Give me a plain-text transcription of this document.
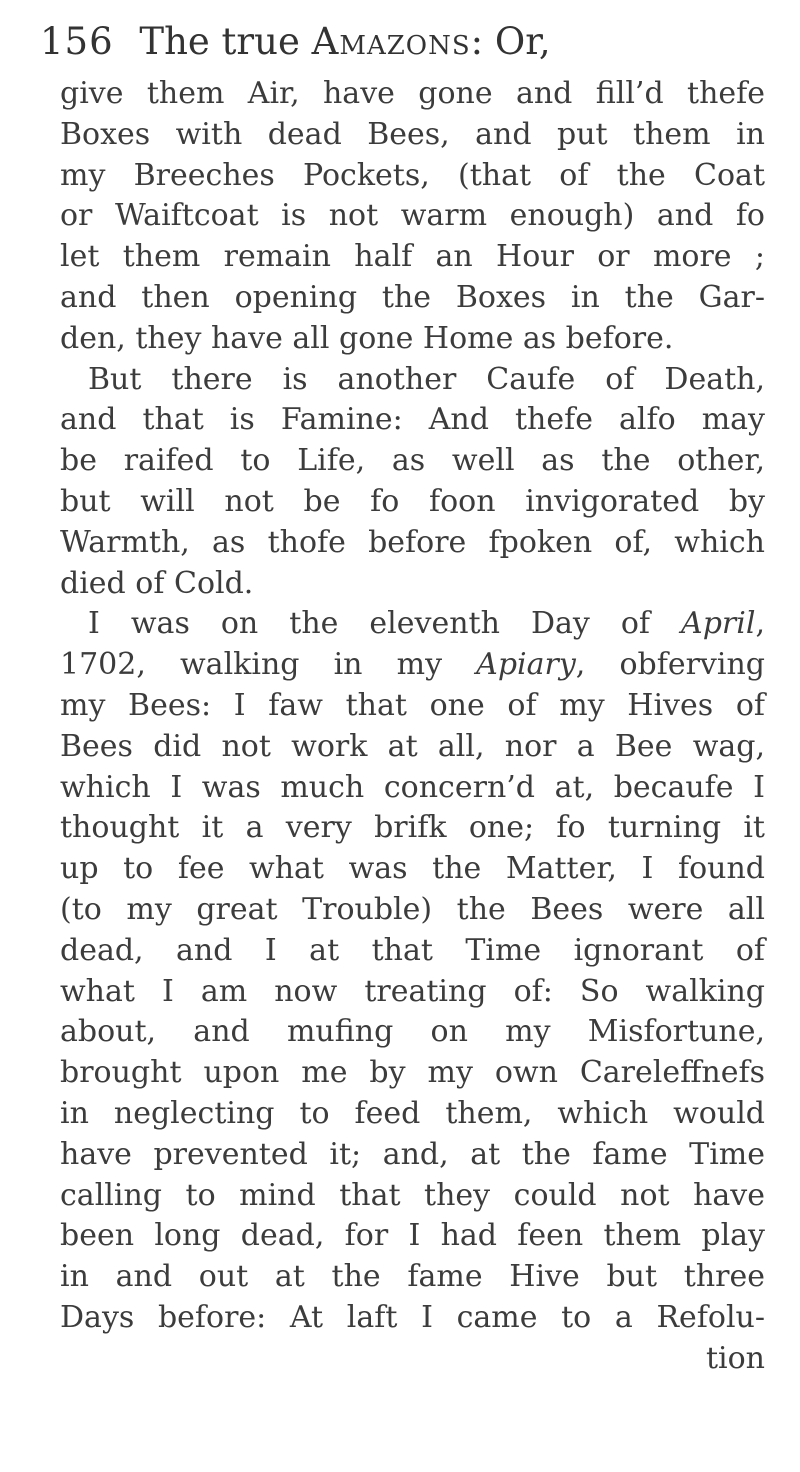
156 The true Amazons: Or,
give them Air, have gone and fill’d thefe
Boxes with dead Bees, and put them in
my Breeches Pockets, (that of the Coat
or Waiftcoat is not warm enough) and fo
let them remain half an Hour or more ;
and then opening the Boxes in the Gar-
den, they have all gone Home as before.
But there is another Caufe of Death,
and that is Famine: And thefe alfo may
be raifed to Life, as well as the other,
but will not be fo foon invigorated by
Warmth, as thofe before fpoken of, which
died of Cold.
I was on the eleventh Day of April,
1702, walking in my Apiary, obferving
my Bees: I faw that one of my Hives of
Bees did not work at all, nor a Bee wag,
which I was much concern’d at, becaufe I
thought it a very brifk one; fo turning it
up to fee what was the Matter, I found
(to my great Trouble) the Bees were all
dead, and I at that Time ignorant of
what I am now treating of: So walking
about, and mufing on my Misfortune,
brought upon me by my own Careleffnefs
in neglecting to feed them, which would
have prevented it; and, at the fame Time
calling to mind that they could not have
been long dead, for I had feen them play
in and out at the fame Hive but three
Days before: At laft I came to a Refolu-
tion
